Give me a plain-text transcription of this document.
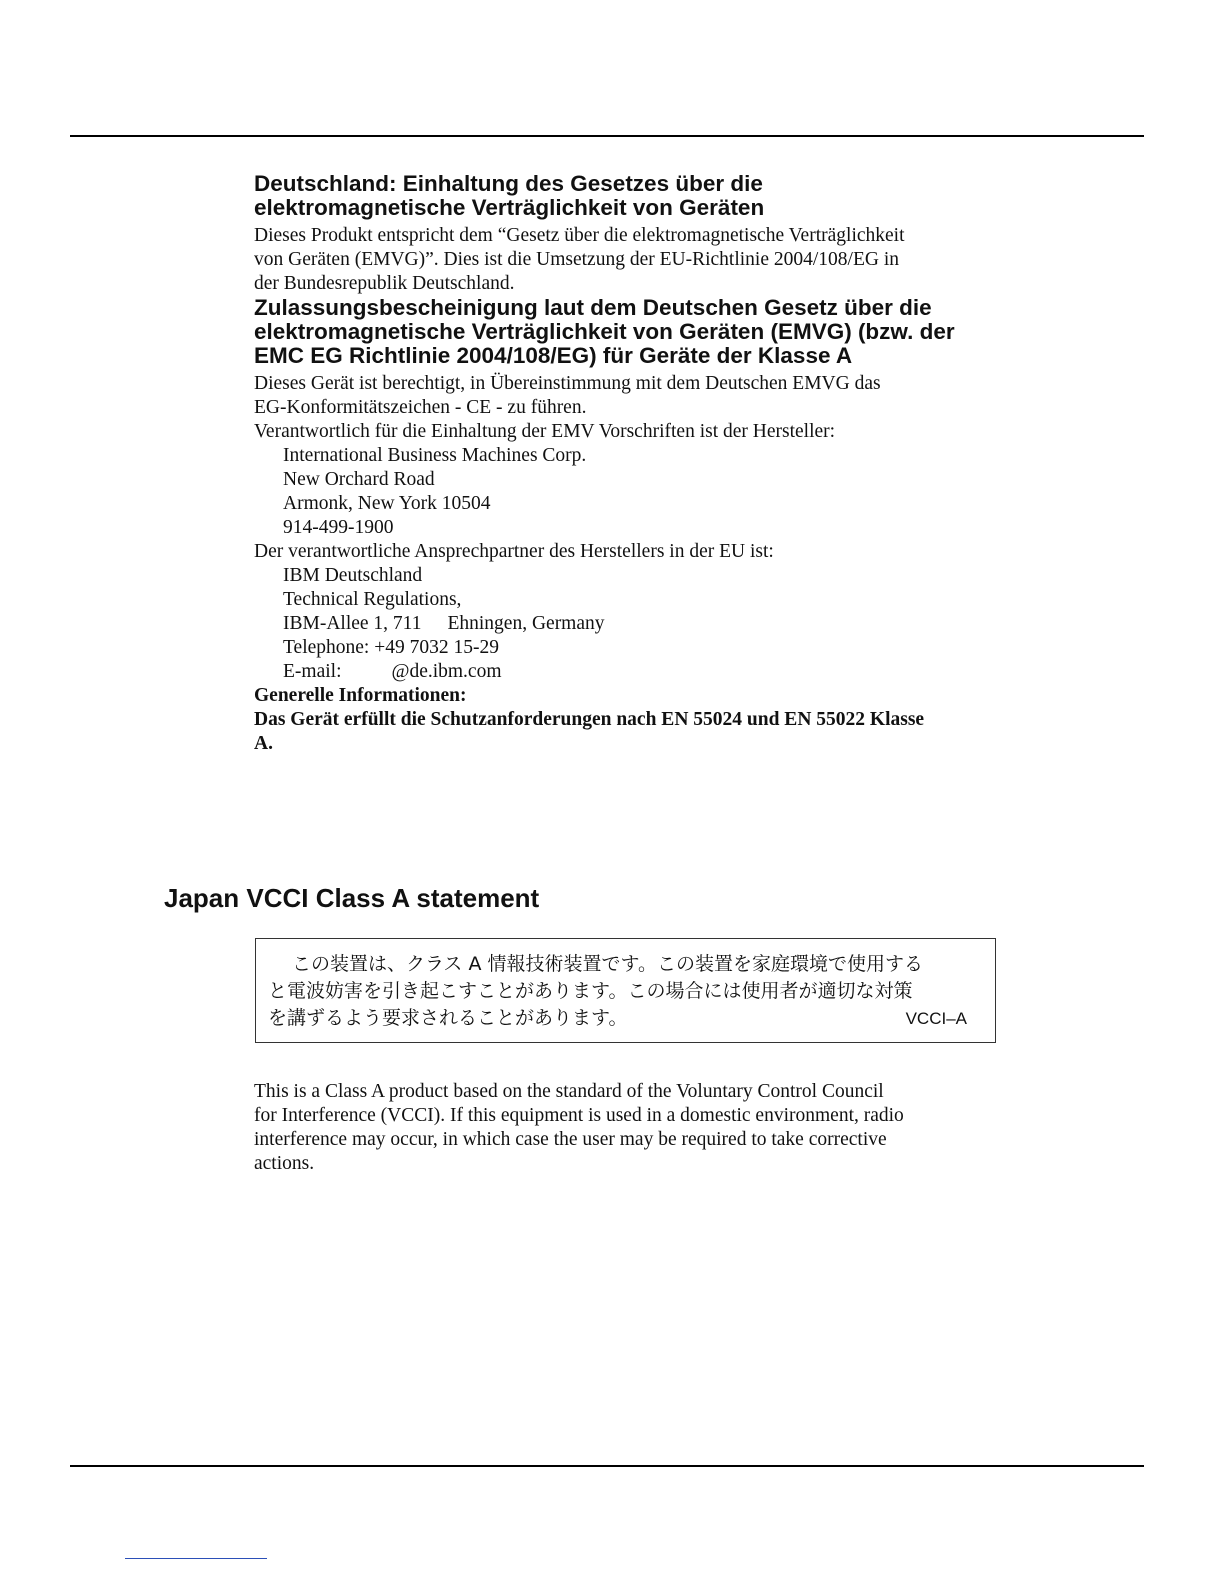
Deutschland: Einhaltung des Gesetzes über die
elektromagnetische Verträglichkeit von Geräten

Dieses Produkt entspricht dem “Gesetz über die elektromagnetische Verträglichkeit
von Geräten (EMVG)”. Dies ist die Umsetzung der EU-Richtlinie 2004/108/EG in
der Bundesrepublik Deutschland.

Zulassungsbescheinigung laut dem Deutschen Gesetz über die
elektromagnetische Verträglichkeit von Geräten (EMVG) (bzw. der
EMC EG Richtlinie 2004/108/EG) für Geräte der Klasse A

Dieses Gerät ist berechtigt, in Übereinstimmung mit dem Deutschen EMVG das
EG-Konformitätszeichen - CE - zu führen.

Verantwortlich für die Einhaltung der EMV Vorschriften ist der Hersteller:
International Business Machines Corp.
New Orchard Road
Armonk, New York 10504
914-499-1900

Der verantwortliche Ansprechpartner des Herstellers in der EU ist:
IBM Deutschland
Technical Regulations,
IBM-Allee 1, 711 Ehningen, Germany
Telephone: +49 7032 15-29
E-mail:	@de.ibm.com

Generelle Informationen:

Das Gerät erfüllt die Schutzanforderungen nach EN 55024 und EN 55022 Klasse
A.

Japan VCCI Class A statement

この装置は、クラス A 情報技術装置です。この装置を家庭環境で使用する
と電波妨害を引き起こすことがあります。この場合には使用者が適切な対策
を講ずるよう要求されることがあります。	VCCI–A

This is a Class A product based on the standard of the Voluntary Control Council
for Interference (VCCI). If this equipment is used in a domestic environment, radio
interference may occur, in which case the user may be required to take corrective
actions.
